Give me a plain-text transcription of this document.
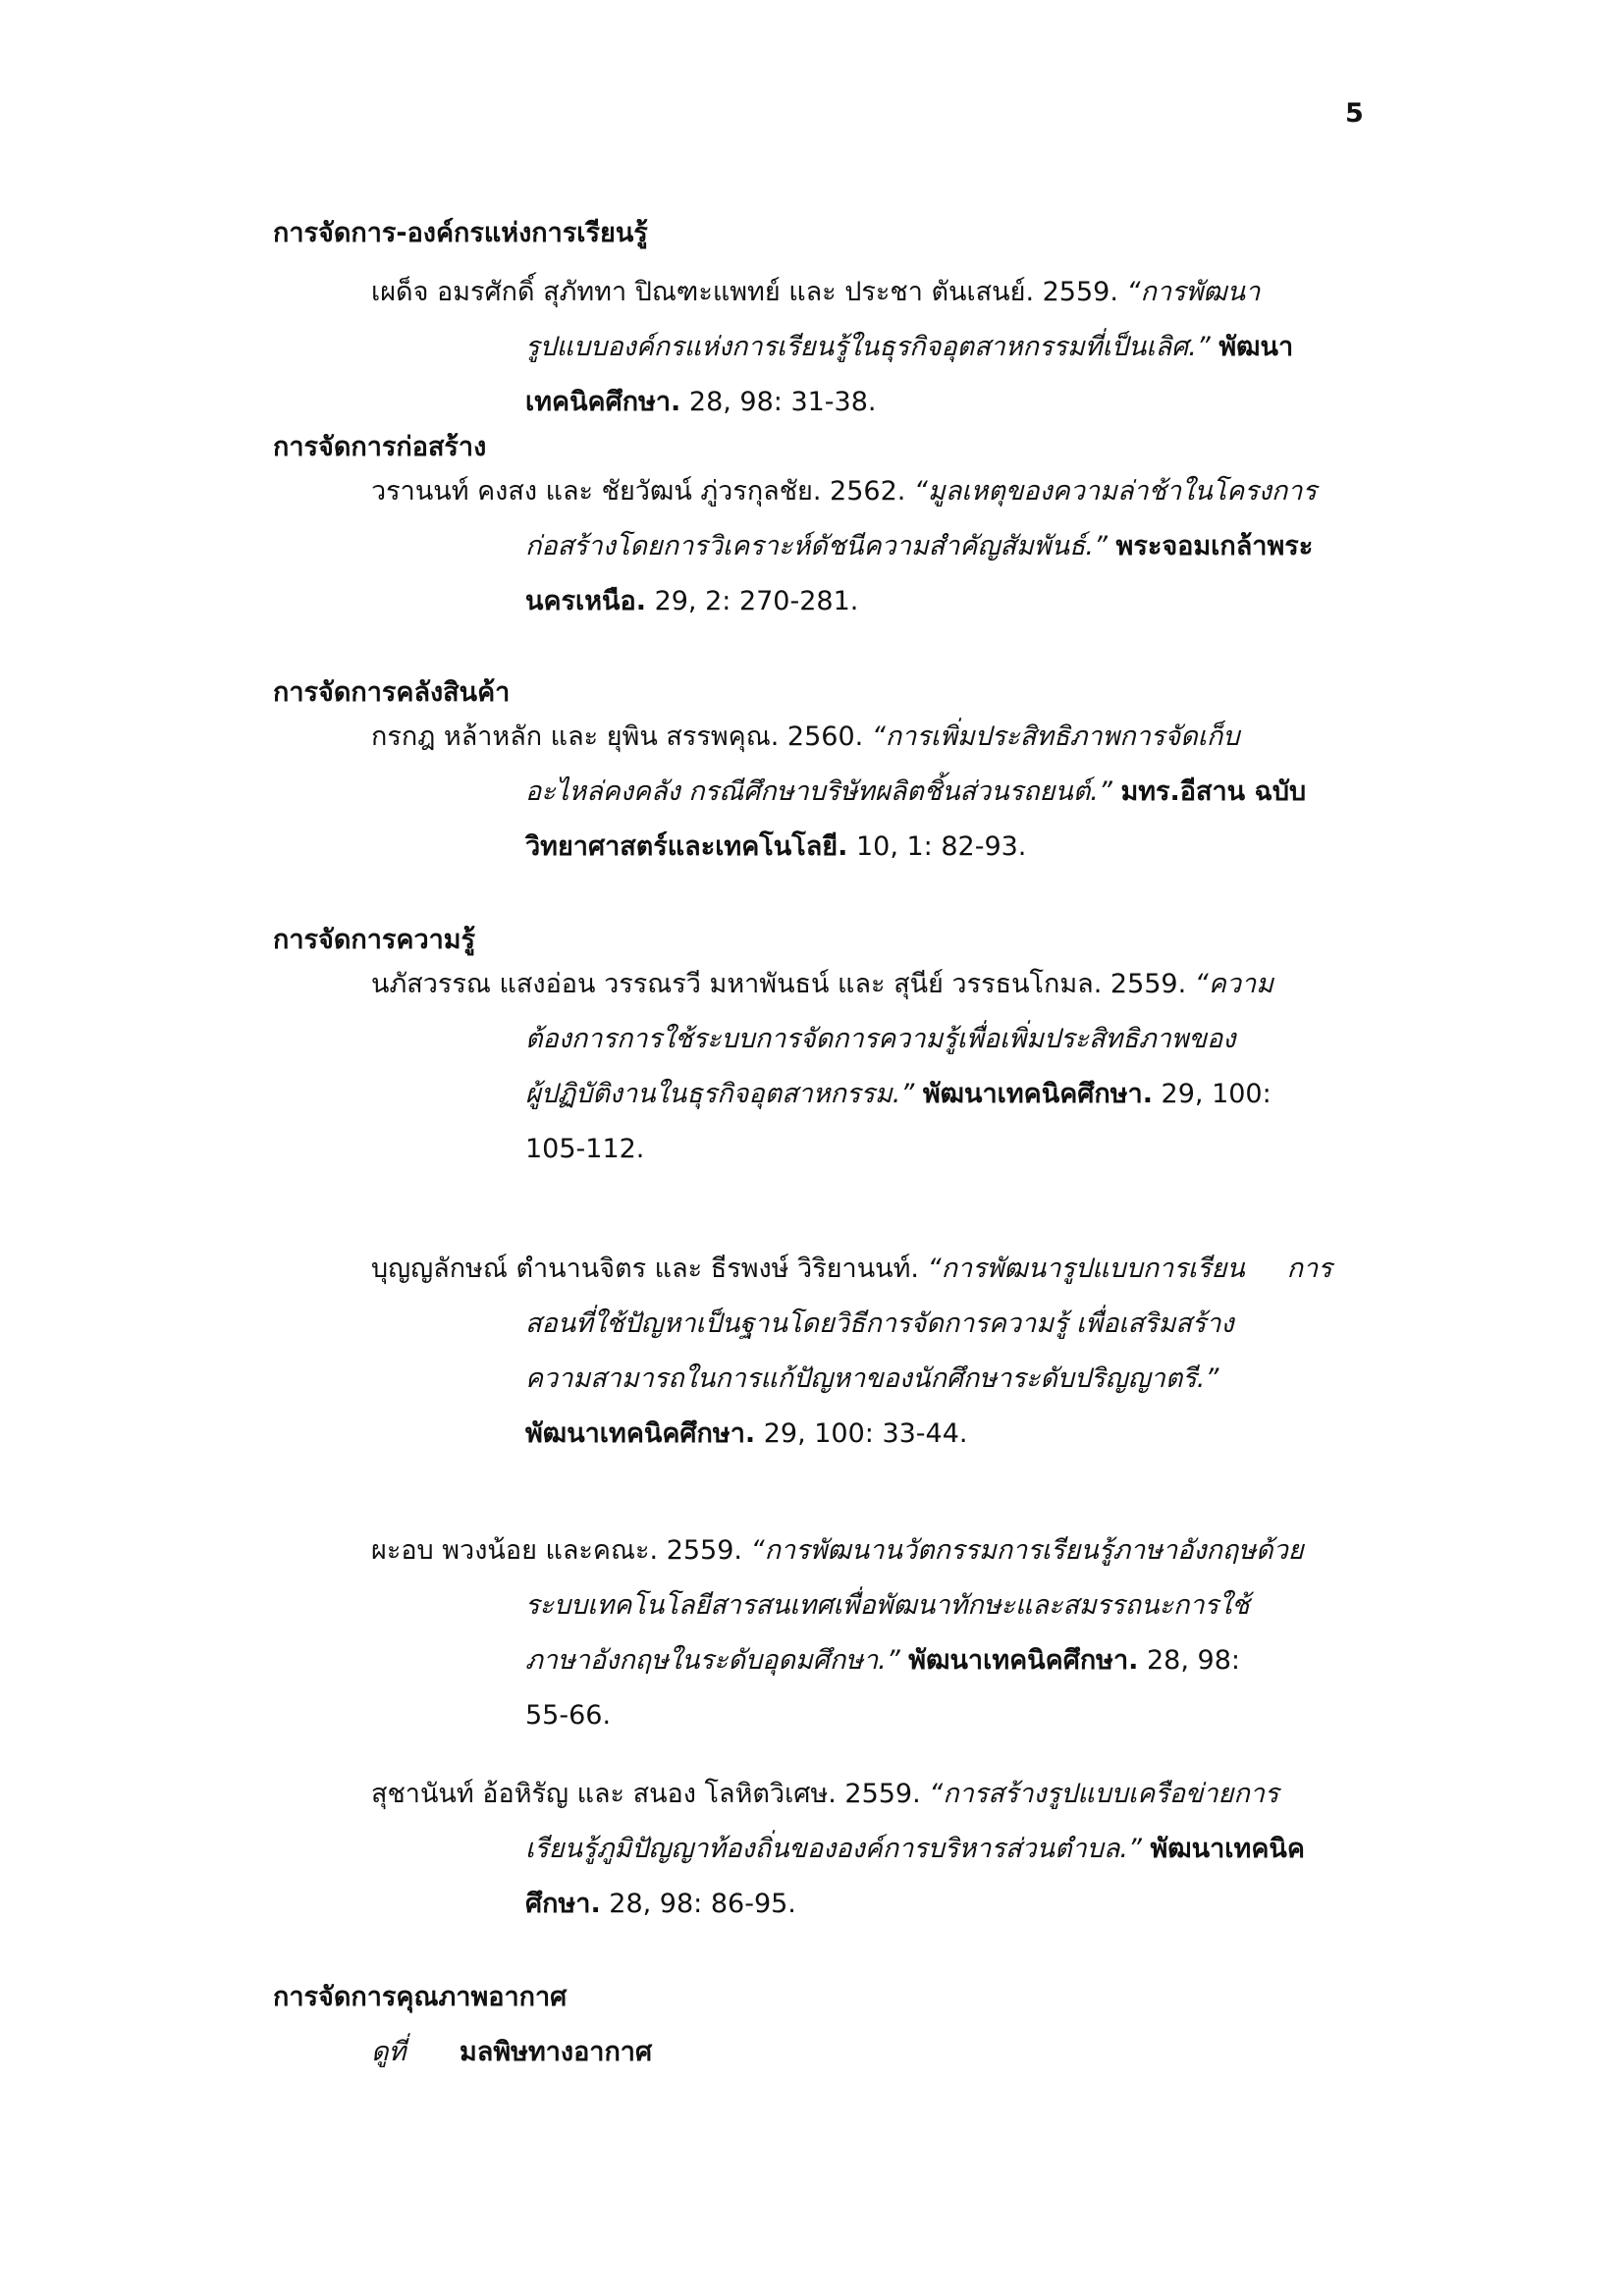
5
การจัดการ-องค์กรแห่งการเรียนรู้
เผด็จ อมรศักดิ์ สุภัททา ปิณฑะแพทย์ และ ประชา ตันเสนย์. 2559. “การพัฒนา
รูปแบบองค์กรแห่งการเรียนรู้ในธุรกิจอุตสาหกรรมที่เป็นเลิศ.” พัฒนา
เทคนิคศึกษา. 28, 98: 31-38.
การจัดการก่อสร้าง
วรานนท์ คงสง และ ชัยวัฒน์ ภู่วรกุลชัย. 2562. “มูลเหตุของความล่าช้าในโครงการ
ก่อสร้างโดยการวิเคราะห์ดัชนีความสำคัญสัมพันธ์.” พระจอมเกล้าพระ
นครเหนือ. 29, 2: 270-281.
การจัดการคลังสินค้า
กรกฎ หล้าหลัก และ ยุพิน สรรพคุณ. 2560. “การเพิ่มประสิทธิภาพการจัดเก็บ
อะไหล่คงคลัง กรณีศึกษาบริษัทผลิตชิ้นส่วนรถยนต์.” มทร.อีสาน ฉบับ
วิทยาศาสตร์และเทคโนโลยี. 10, 1: 82-93.
การจัดการความรู้
นภัสวรรณ แสงอ่อน วรรณรวี มหาพันธน์ และ สุนีย์ วรรธนโกมล. 2559. “ความ
ต้องการการใช้ระบบการจัดการความรู้เพื่อเพิ่มประสิทธิภาพของ
ผู้ปฏิบัติงานในธุรกิจอุตสาหกรรม.” พัฒนาเทคนิคศึกษา. 29, 100:
105-112.
บุญญลักษณ์ ตำนานจิตร และ ธีรพงษ์ วิริยานนท์. “การพัฒนารูปแบบการเรียน     การ
สอนที่ใช้ปัญหาเป็นฐานโดยวิธีการจัดการความรู้ เพื่อเสริมสร้าง
ความสามารถในการแก้ปัญหาของนักศึกษาระดับปริญญาตรี.”
พัฒนาเทคนิคศึกษา. 29, 100: 33-44.
ผะอบ พวงน้อย และคณะ. 2559. “การพัฒนานวัตกรรมการเรียนรู้ภาษาอังกฤษด้วย
ระบบเทคโนโลยีสารสนเทศเพื่อพัฒนาทักษะและสมรรถนะการใช้
ภาษาอังกฤษในระดับอุดมศึกษา.” พัฒนาเทคนิคศึกษา. 28, 98:
55-66.
สุชานันท์ อ้อหิรัญ และ สนอง โลหิตวิเศษ. 2559. “การสร้างรูปแบบเครือข่ายการ
เรียนรู้ภูมิปัญญาท้องถิ่นขององค์การบริหารส่วนตำบล.” พัฒนาเทคนิค
ศึกษา. 28, 98: 86-95.
การจัดการคุณภาพอากาศ
ดูที่ มลพิษทางอากาศ
